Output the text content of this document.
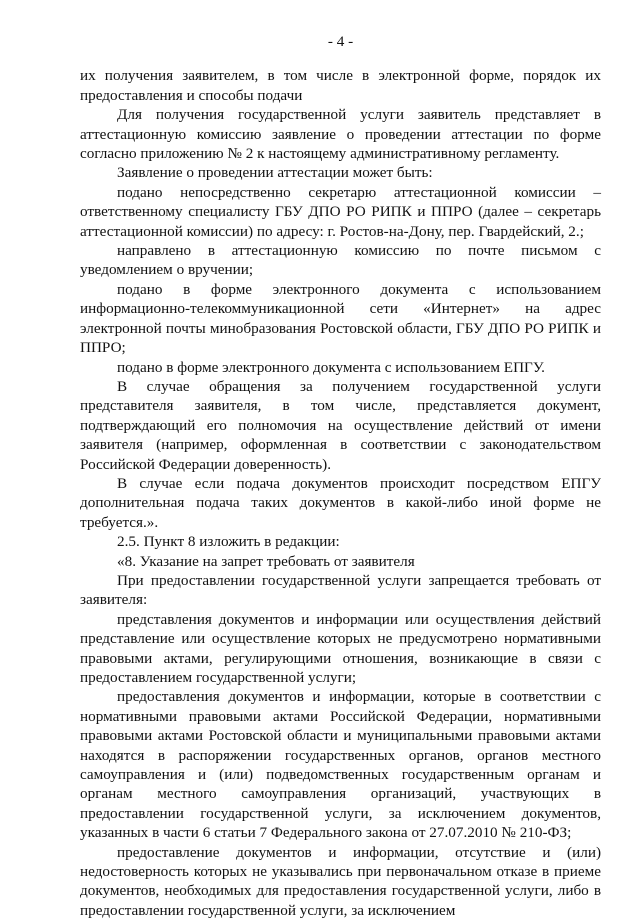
- 4 -

их получения заявителем, в том числе в электронной форме, порядок их предоставления и способы подачи

Для получения государственной услуги заявитель представляет в аттестационную комиссию заявление о проведении аттестации по форме согласно приложению № 2 к настоящему административному регламенту.

Заявление о проведении аттестации может быть:

подано непосредственно секретарю аттестационной комиссии – ответственному специалисту ГБУ ДПО РО РИПК и ППРО (далее – секретарь аттестационной комиссии) по адресу: г. Ростов-на-Дону, пер. Гвардейский, 2.;

направлено в аттестационную комиссию по почте письмом с уведомлением о вручении;

подано в форме электронного документа с использованием информационно-телекоммуникационной сети «Интернет» на адрес электронной почты минобразования Ростовской области, ГБУ ДПО РО РИПК и ППРО;

подано в форме электронного документа с использованием ЕПГУ.

В случае обращения за получением государственной услуги представителя заявителя, в том числе, представляется документ, подтверждающий его полномочия на осуществление действий от имени заявителя (например, оформленная в соответствии с законодательством Российской Федерации доверенность).

В случае если подача документов происходит посредством ЕПГУ дополнительная подача таких документов в какой-либо иной форме не требуется.».

2.5. Пункт 8 изложить в редакции:

«8. Указание на запрет требовать от заявителя

При предоставлении государственной услуги запрещается требовать от заявителя:

представления документов и информации или осуществления действий представление или осуществление которых не предусмотрено нормативными правовыми актами, регулирующими отношения, возникающие в связи с предоставлением государственной услуги;

предоставления документов и информации, которые в соответствии с нормативными правовыми актами Российской Федерации, нормативными правовыми актами Ростовской области и муниципальными правовыми актами находятся в распоряжении государственных органов, органов местного самоуправления и (или) подведомственных государственным органам и органам местного самоуправления организаций, участвующих в предоставлении государственной услуги, за исключением документов, указанных в части 6 статьи 7 Федерального закона от 27.07.2010 № 210-ФЗ;

предоставление документов и информации, отсутствие и (или) недостоверность которых не указывались при первоначальном отказе в приеме документов, необходимых для предоставления государственной услуги, либо в предоставлении государственной услуги, за исключением
